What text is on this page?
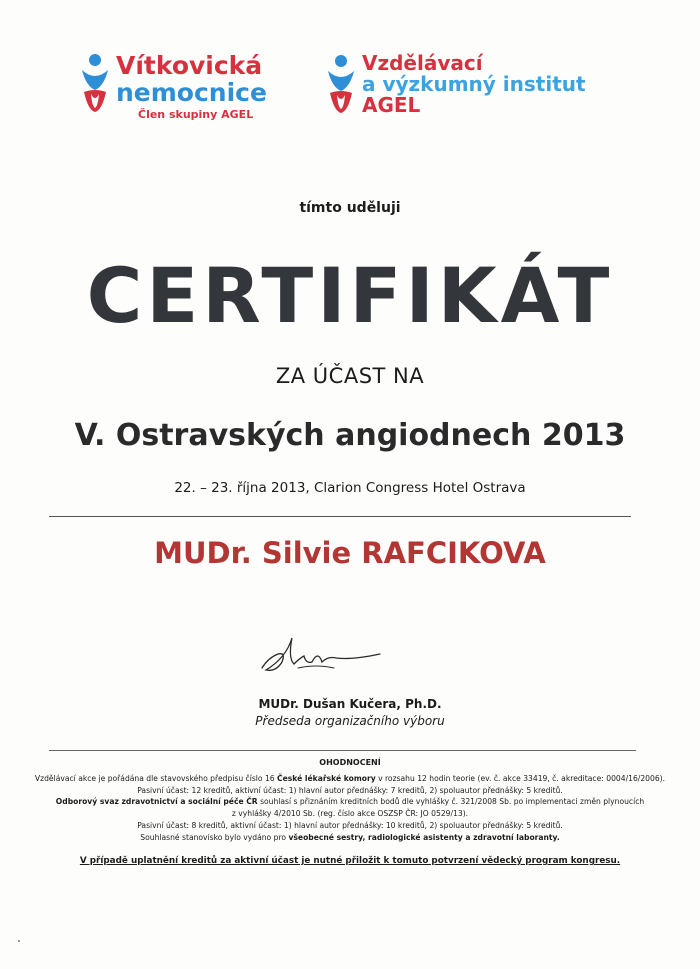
Vítkovická
nemocnice
Člen skupiny AGEL
Vzdělávací
a výzkumný institut
AGEL
tímto uděluji
CERTIFIKÁT
ZA ÚČAST NA
V. Ostravských angiodnech 2013
22. – 23. října 2013, Clarion Congress Hotel Ostrava
MUDr. Silvie RAFCIKOVA
MUDr. Dušan Kučera, Ph.D.
Předseda organizačního výboru
OHODNOCENÍ
Vzdělávací akce je pořádána dle stavovského předpisu číslo 16 České lékařské komory v rozsahu 12 hodin teorie (ev. č. akce 33419, č. akreditace: 0004/16/2006).
Pasivní účast: 12 kreditů, aktivní účast: 1) hlavní autor přednášky: 7 kreditů, 2) spoluautor přednášky: 5 kreditů.
Odborový svaz zdravotnictví a sociální péče ČR souhlasí s přiznáním kreditních bodů dle vyhlášky č. 321/2008 Sb. po implementaci změn plynoucích
z vyhlášky 4/2010 Sb. (reg. číslo akce OSZSP ČR: JO 0529/13).
Pasivní účast: 8 kreditů, aktivní účast: 1) hlavní autor přednášky: 10 kreditů, 2) spoluautor přednášky: 5 kreditů.
Souhlasné stanovisko bylo vydáno pro všeobecné sestry, radiologické asistenty a zdravotní laboranty.
V případě uplatnění kreditů za aktivní účast je nutné přiložit k tomuto potvrzení vědecký program kongresu.
